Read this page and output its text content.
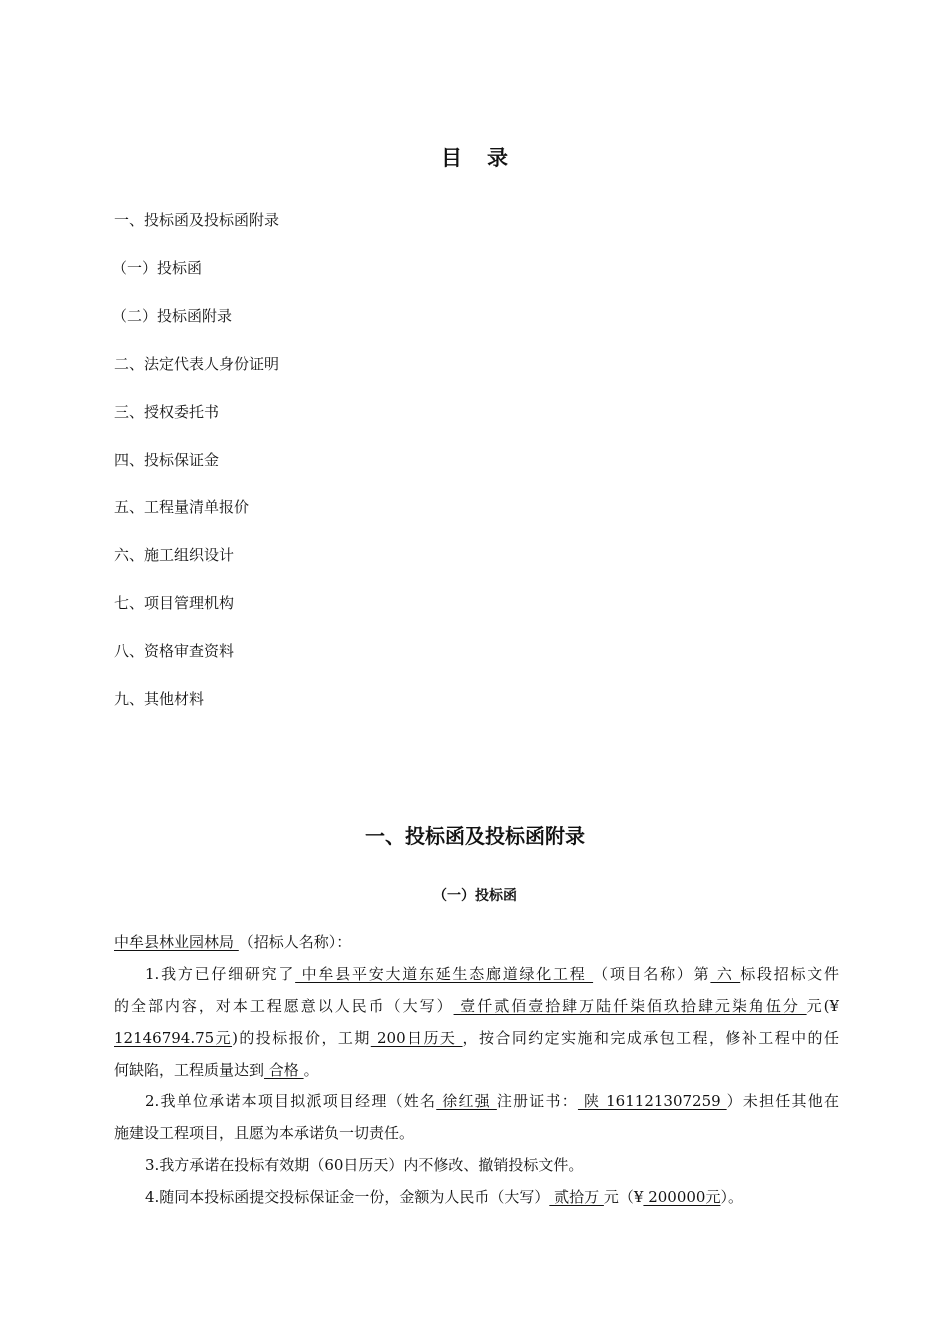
目 录
一、投标函及投标函附录
（一）投标函
（二）投标函附录
二、法定代表人身份证明
三、授权委托书
四、投标保证金
五、工程量清单报价
六、施工组织设计
七、项目管理机构
八、资格审查资料
九、其他材料
一、投标函及投标函附录
（一）投标函
中牟县林业园林局 （招标人名称）：
1.我方已仔细研究了 中牟县平安大道东延生态廊道绿化工程 （项目名称）第 六 标段招标文件
的全部内容，对本工程愿意以人民币（大写） 壹仟贰佰壹拾肆万陆仟柒佰玖拾肆元柒角伍分 元(¥
12146794.75元)的投标报价，工期 200日历天 ，按合同约定实施和完成承包工程，修补工程中的任
何缺陷，工程质量达到 合格 。
2.我单位承诺本项目拟派项目经理（姓名 徐红强 注册证书： 陕 161121307259 ）未担任其他在
施建设工程项目，且愿为本承诺负一切责任。
3.我方承诺在投标有效期（60日历天）内不修改、撤销投标文件。
4.随同本投标函提交投标保证金一份，金额为人民币（大写） 贰拾万 元（¥ 200000元）。
